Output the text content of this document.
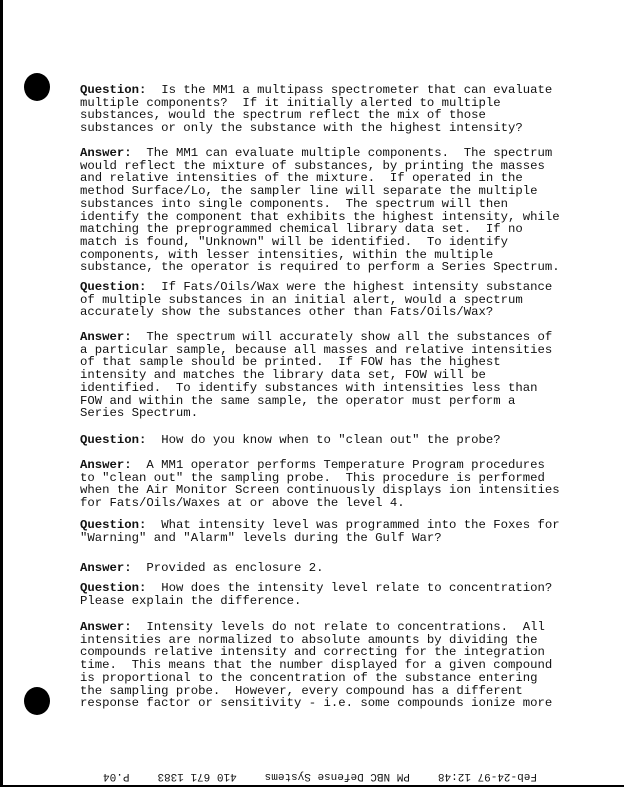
Question: Is the MM1 a multipass spectrometer that can evaluate
multiple components?  If it initially alerted to multiple
substances, would the spectrum reflect the mix of those
substances or only the substance with the highest intensity?
Answer: The MM1 can evaluate multiple components.  The spectrum
would reflect the mixture of substances, by printing the masses
and relative intensities of the mixture.  If operated in the
method Surface/Lo, the sampler line will separate the multiple
substances into single components.  The spectrum will then
identify the component that exhibits the highest intensity, while
matching the preprogrammed chemical library data set.  If no
match is found, "Unknown" will be identified.  To identify
components, with lesser intensities, within the multiple
substance, the operator is required to perform a Series Spectrum.
Question: If Fats/Oils/Wax were the highest intensity substance
of multiple substances in an initial alert, would a spectrum
accurately show the substances other than Fats/Oils/Wax?
Answer: The spectrum will accurately show all the substances of
a particular sample, because all masses and relative intensities
of that sample should be printed.  If FOW has the highest
intensity and matches the library data set, FOW will be
identified.  To identify substances with intensities less than
FOW and within the same sample, the operator must perform a
Series Spectrum.
Question: How do you know when to "clean out" the probe?
Answer: A MM1 operator performs Temperature Program procedures
to "clean out" the sampling probe.  This procedure is performed
when the Air Monitor Screen continuously displays ion intensities
for Fats/Oils/Waxes at or above the level 4.
Question: What intensity level was programmed into the Foxes for
"Warning" and "Alarm" levels during the Gulf War?
Answer: Provided as enclosure 2.
Question: How does the intensity level relate to concentration?
Please explain the difference.
Answer: Intensity levels do not relate to concentrations.  All
intensities are normalized to absolute amounts by dividing the
compounds relative intensity and correcting for the integration
time.  This means that the number displayed for a given compound
is proportional to the concentration of the substance entering
the sampling probe.  However, every compound has a different
response factor or sensitivity - i.e. some compounds ionize more
Feb-24-97 12:48
PM NBC Defense Systems
410 671 1383
P.04
